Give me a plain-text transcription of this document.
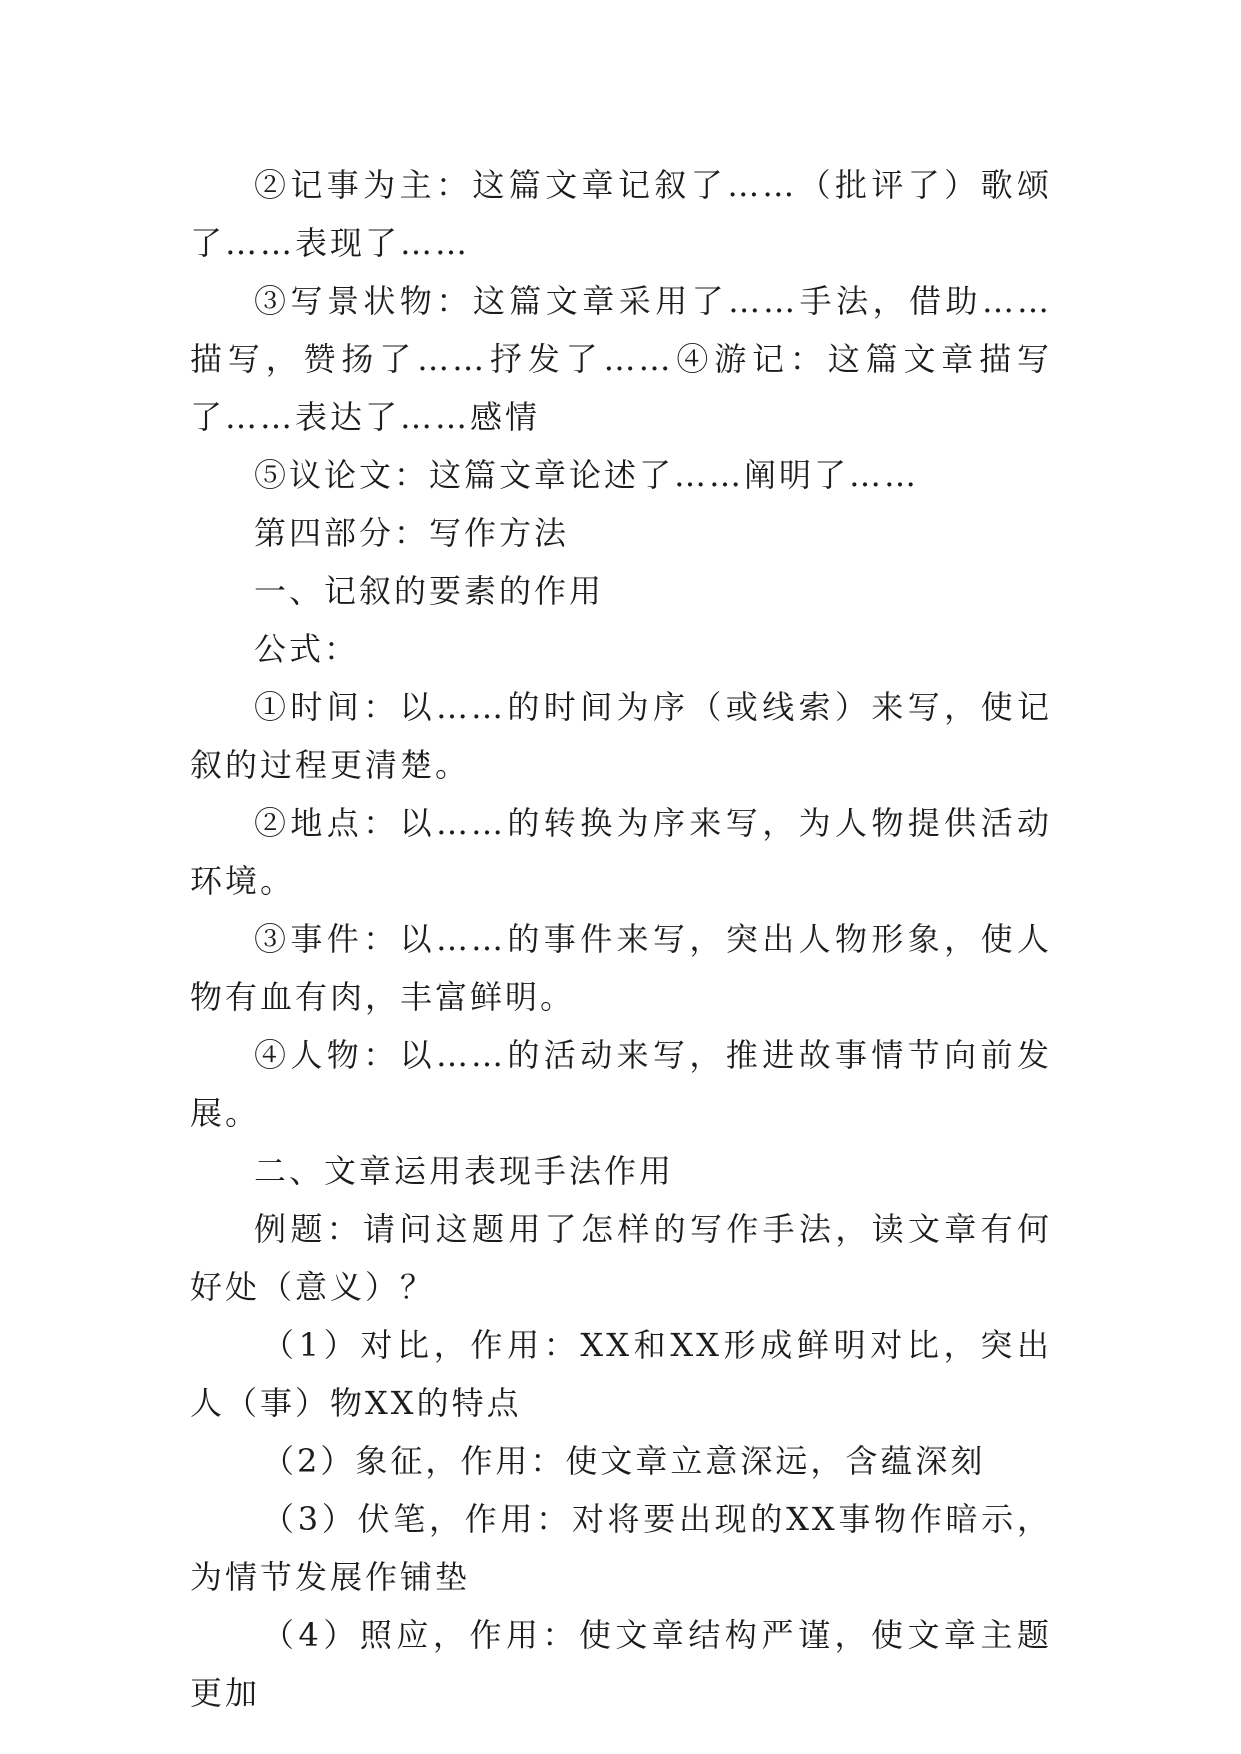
②记事为主：这篇文章记叙了……（批评了）歌颂了……表现了……

③写景状物：这篇文章采用了……手法，借助……描写，赞扬了……抒发了……④游记：这篇文章描写了……表达了……感情

⑤议论文：这篇文章论述了……阐明了……

第四部分：写作方法

一、记叙的要素的作用

公式：

①时间：以……的时间为序（或线索）来写，使记叙的过程更清楚。

②地点：以……的转换为序来写，为人物提供活动环境。

③事件：以……的事件来写，突出人物形象，使人物有血有肉，丰富鲜明。

④人物：以……的活动来写，推进故事情节向前发展。

二、文章运用表现手法作用

例题：请问这题用了怎样的写作手法，读文章有何好处（意义）？

（1）对比，作用：XX和XX形成鲜明对比，突出人（事）物XX的特点

（2）象征，作用：使文章立意深远，含蕴深刻

（3）伏笔，作用：对将要出现的XX事物作暗示，为情节发展作铺垫

（4）照应，作用：使文章结构严谨，使文章主题更加
